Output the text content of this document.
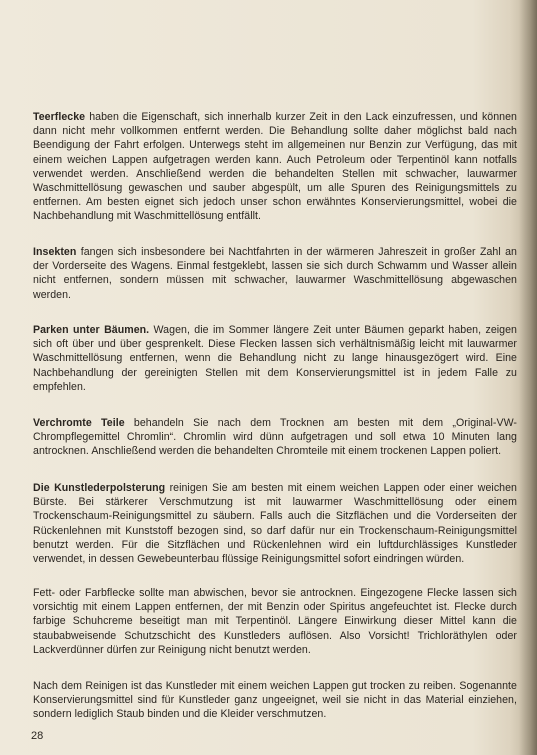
Teerflecke haben die Eigenschaft, sich innerhalb kurzer Zeit in den Lack einzufressen, und können dann nicht mehr vollkommen entfernt werden. Die Behandlung sollte daher möglichst bald nach Beendigung der Fahrt erfolgen. Unterwegs steht im allgemeinen nur Benzin zur Verfügung, das mit einem weichen Lappen aufgetragen werden kann. Auch Petroleum oder Terpentinöl kann notfalls verwendet werden. Anschließend werden die behandelten Stellen mit schwacher, lauwarmer Waschmittellösung gewaschen und sauber abgespült, um alle Spuren des Reinigungsmittels zu entfernen. Am besten eignet sich jedoch unser schon erwähntes Konservierungsmittel, wobei die Nachbehandlung mit Waschmittellösung entfällt.

Insekten fangen sich insbesondere bei Nachtfahrten in der wärmeren Jahreszeit in großer Zahl an der Vorderseite des Wagens. Einmal festgeklebt, lassen sie sich durch Schwamm und Wasser allein nicht entfernen, sondern müssen mit schwacher, lauwarmer Waschmittellösung abgewaschen werden.

Parken unter Bäumen. Wagen, die im Sommer längere Zeit unter Bäumen geparkt haben, zeigen sich oft über und über gesprenkelt. Diese Flecken lassen sich verhältnismäßig leicht mit lauwarmer Waschmittellösung entfernen, wenn die Behandlung nicht zu lange hinausgezögert wird. Eine Nachbehandlung der gereinigten Stellen mit dem Konservierungsmittel ist in jedem Falle zu empfehlen.

Verchromte Teile behandeln Sie nach dem Trocknen am besten mit dem „Original-VW-Chrompflegemittel Chromlin“. Chromlin wird dünn aufgetragen und soll etwa 10 Minuten lang antrocknen. Anschließend werden die behandelten Chromteile mit einem trockenen Lappen poliert.

Die Kunstlederpolsterung reinigen Sie am besten mit einem weichen Lappen oder einer weichen Bürste. Bei stärkerer Verschmutzung ist mit lauwarmer Waschmittellösung oder einem Trockenschaum-Reinigungsmittel zu säubern. Falls auch die Sitzflächen und die Vorderseiten der Rückenlehnen mit Kunststoff bezogen sind, so darf dafür nur ein Trockenschaum-Reinigungsmittel benutzt werden. Für die Sitzflächen und Rückenlehnen wird ein luftdurchlässiges Kunstleder verwendet, in dessen Gewebeunterbau flüssige Reinigungsmittel sofort eindringen würden.

Fett- oder Farbflecke sollte man abwischen, bevor sie antrocknen. Eingezogene Flecke lassen sich vorsichtig mit einem Lappen entfernen, der mit Benzin oder Spiritus angefeuchtet ist. Flecke durch farbige Schuhcreme beseitigt man mit Terpentinöl. Längere Einwirkung dieser Mittel kann die staubabweisende Schutzschicht des Kunstleders auflösen. Also Vorsicht! Trichloräthylen oder Lackverdünner dürfen zur Reinigung nicht benutzt werden.

Nach dem Reinigen ist das Kunstleder mit einem weichen Lappen gut trocken zu reiben. Sogenannte Konservierungsmittel sind für Kunstleder ganz ungeeignet, weil sie nicht in das Material einziehen, sondern lediglich Staub binden und die Kleider verschmutzen.

28
